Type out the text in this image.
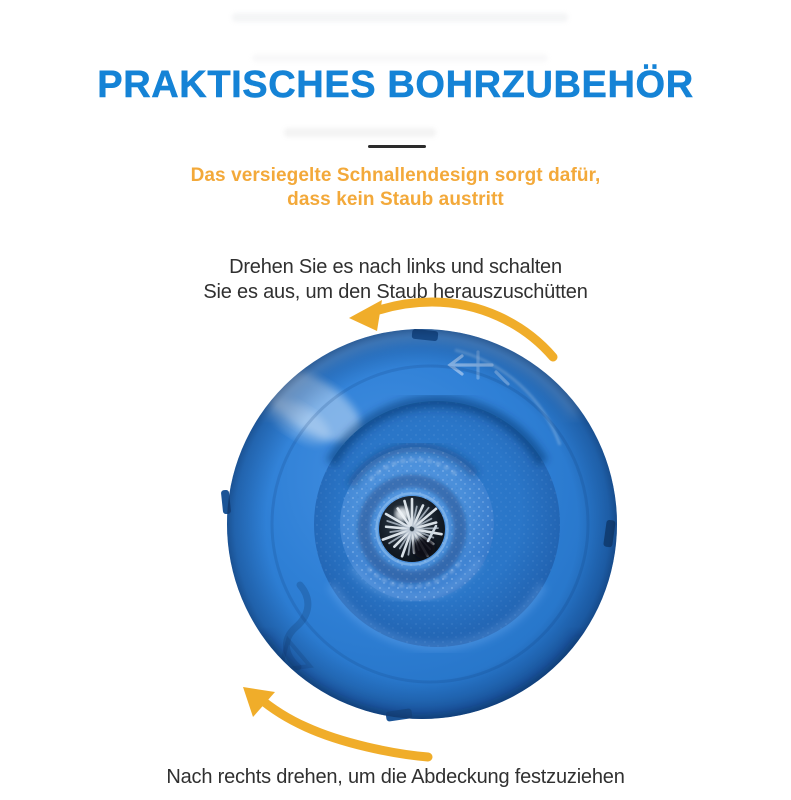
PRAKTISCHES BOHRZUBEHÖR

Das versiegelte Schnallendesign sorgt dafür,
dass kein Staub austritt

Drehen Sie es nach links und schalten
Sie es aus, um den Staub herauszuschütten

Nach rechts drehen, um die Abdeckung festzuziehen
